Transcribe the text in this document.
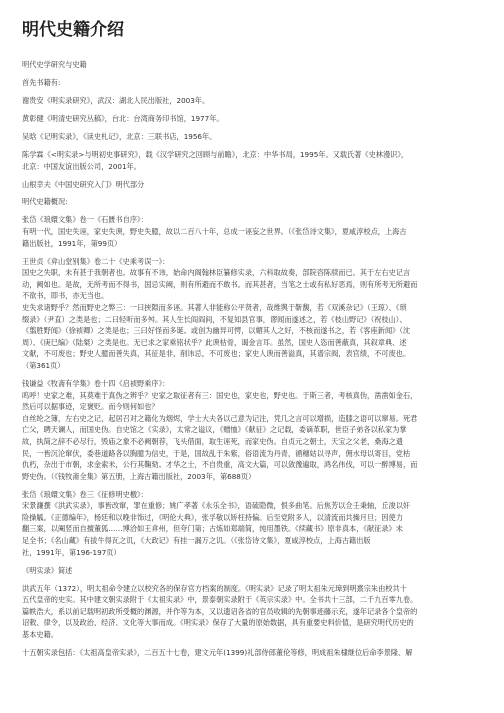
明代史籍介绍
明代史学研究与史籍
首先书籍有:
谢贵安《明实录研究》，武汉：湖北人民出版社，2003年。
黄彰健《明清史研究丛稿》，台北：台湾商务印书馆，1977年。
吴晗《记明实录》，《读史札记》，北京：三联书店，1956年。
陈学霖《<明实录>与明初史事研究》，载《汉学研究之回顾与前瞻》，北京：中华书局，1995年。又载氏著《史林漫识》，
北京：中国友谊出版公司，2001年。
山根幸夫《中国史研究入门》明代部分
明代史籍概况:
张岱《琅嬛文集》卷一《石匮书自序》：
有明一代，国史失诬，家史失谀，野史失臆，故以二百八十年，总成一诬妄之世界。（《张岱诗文集》，夏咸淳校点，上海古
籍出版社，1991年，第99页）
王世贞《弇山堂别集》卷二十《史乘考误一》：
国史之失职，未有甚于我朝者也。故事有不讳，始命内阁翰林臣纂修实录，六科取故奏，部院咨陈牍而已。其于左右史记言
动，阙如也。是故，无所考而不得书，国忌实阙，则有所避而不敢书。而其甚者，当笔之士或有私好恶焉，则有所考无所避而
不欲书，即书，亦无当也。
史失求诸野乎？然而野史之弊三：一曰挟隙而多诬。其著人非能称公平贤者，哉维舆于靳馥，若《双溪杂记》（王琼）、《琐
缀录》（尹直）之类是也；二曰轻听而多舛。其人生长阎阎间，不复知县官事，谬闻而遂述之，若《枝山野记》（祝枝山）、
《翦胜野闻》（徐祯卿）之类是也；三曰好怪而多诞。或创为幽异可愕，以媚其人之好，不核而遂书之，若《客座新闻》（沈
周）、《庚巳编》（陆粲）之类是也。无已求之家乘铭状乎？此谀枯骨，谒金言耳。虽然，国史人恣而善蔽真，其叙章典、述
文献，不可废也；野史人臆而善失真，其征是非，削讳忌，不可废也；家史人谀而善溢真，其谱宗阀，表官绩，不可废也。
（第361页）
钱谦益《牧斋有学集》卷十四《启祯野乘序》：
呜呼！史家之难，其莫难于真伪之辨乎？史家之取征者有三：国史也，家史也，野史也。于斯三者，考核真伪，凿凿如金石，
然后可以据事迹，定褒贬。而今则何如也？
自丝纶之簿，左右史之记，起居召对之籍化为烟烬，学士大夫各以己意为记注，凭几之言可以增损，造膝之语可以窜易。死君
亡父，聘天谰人，而国史伪。自史馆之《实录》，太常之谥议，《赠恤》《献征》之记载，委谪革职，世臣子弟各以私家为掌
故，执简之辞不必尽行，毁庙之象不必阙朝荐，飞头借面，取生诬死，而家史伪。自贞元之朝士，天宝之父老，桑海之遗
民，一皆沉沦窜伏，委巷道路各以胸臆为信史，于是，国故乱于朱紫，俗语流为丹青，循穗姑以寻声，佣水母以寄目，党枯
仇朽，杂出于市朝，求金索米，公行其鞠劾。才华之士，不自贵重，高文大篇，可以敛豫遍取，鸿名伟伐，可以一醉博易，而
野史伪。（《钱牧斋全集》第五册，上海古籍出版社，2003年，第688页）
张岱《琅嬛文集》卷三《征修明史檄》：
宋景濂撰《洪武实录》，事皆改窜，罪在重修；姚广孝著《永乐全书》，语硫隐微，恨多曲笔。后焦芳以佥壬秉轴，丘浚以奸
险操觚。《正德编年》，杨廷和以晚非饰过，《明伦大典》，张孚敬以矫枉持偏。后至党附多人，以清流而共操月旦；因使力
翻三案，以阉竖而自擅董狐……博洽如王弇州，但夸门第；古炼如郑端简，纯用墨铁。《续藏书》原非真本，《献征录》未
足全书；《名山藏》有拔牛得瓦之讥，《大政记》有挂一漏万之讥。（《张岱诗文集》，夏咸淳校点，上海古籍出版
社，1991年，第196-197页）
《明实录》简述
洪武五年（1372），明太祖命令建立以校究各的保存官方档案的制度。《明实录》记录了明太祖朱元璋到明熹宗朱由校共十
五代皇帝的史实。其中建文朝实录附于《太祖实录》中，景泰朝实录附于《英宗实录》中。全书共十三部，二千九百零九卷。
篇帙浩大，系以前记载明初政所受概的渊源，并作等为本，又以遗诏各省的官员收辑的先朝事迹藤示充，遂年记录各个皇帝的
诏敕、律令，以及政治、经济、文化等大事而成。《明实录》保存了大量的原始数据，具有重要史料价值，是研究明代历史的
基本史籍。
十五朝实录包括：《太祖高皇帝实录》，二百五十七卷，建文元年(1399)礼部侍郎董伦等修，明成祖朱棣继位后命李景隆、解
